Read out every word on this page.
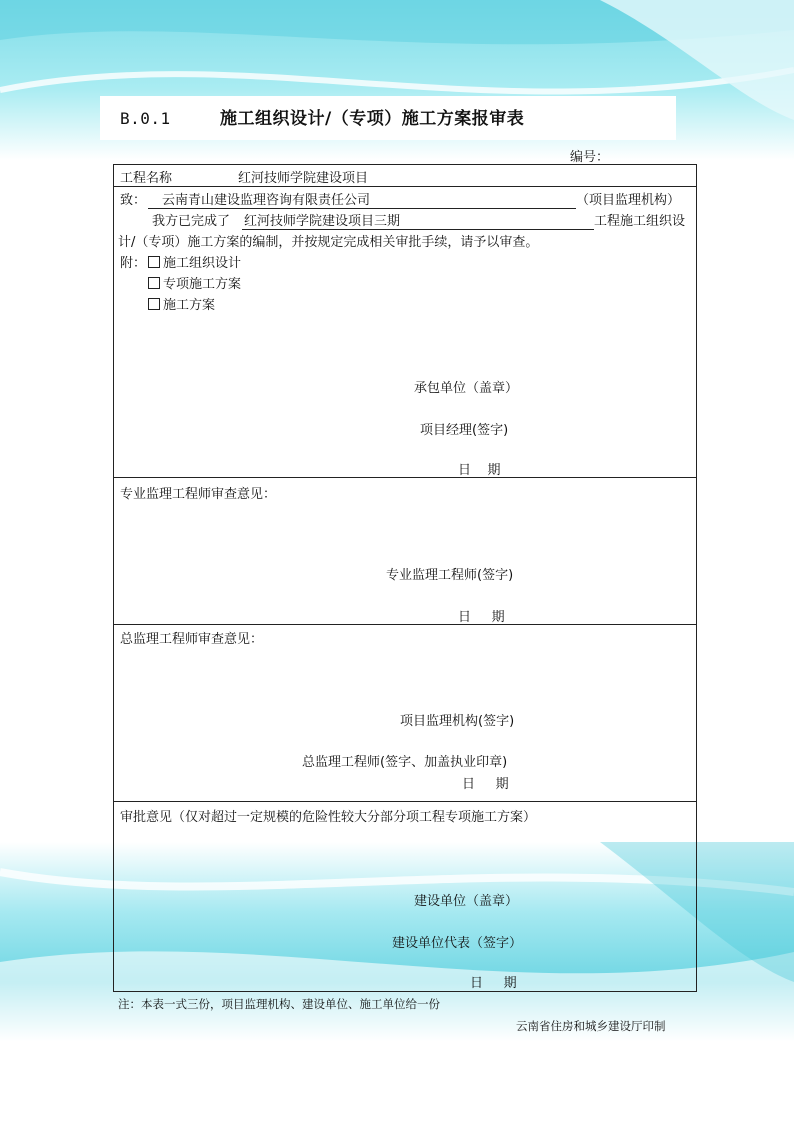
B.0.1	施工组织设计/（专项）施工方案报审表
编号：
工程名称	红河技师学院建设项目
致：	云南青山建设监理咨询有限责任公司	（项目监理机构）
我方已完成了 红河技师学院建设项目三期	工程施工组织设
计/（专项）施工方案的编制，并按规定完成相关审批手续，请予以审查。
附：	施工组织设计
专项施工方案
施工方案
承包单位（盖章）
项目经理(签字)
日    期
专业监理工程师审查意见：
专业监理工程师(签字)
日     期
总监理工程师审查意见：
项目监理机构(签字)
总监理工程师(签字、加盖执业印章)
日     期
审批意见（仅对超过一定规模的危险性较大分部分项工程专项施工方案）
建设单位（盖章）
建设单位代表（签字）
日     期
注：本表一式三份，项目监理机构、建设单位、施工单位给一份
云南省住房和城乡建设厅印制
